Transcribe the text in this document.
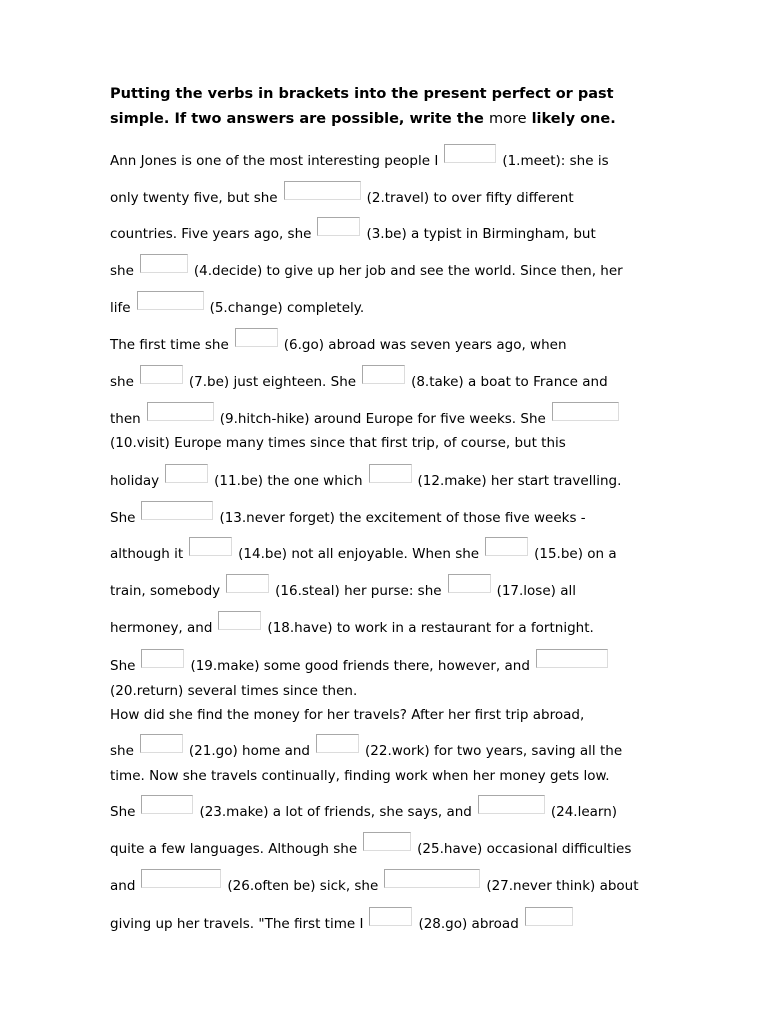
Putting the verbs in brackets into the present perfect or past simple. If two answers are possible, write the more likely one.
Ann Jones is one of the most interesting people I	(1.meet): she is
only twenty five, but she	(2.travel) to over fifty different
countries. Five years ago, she	(3.be) a typist in Birmingham, but
she	(4.decide) to give up her job and see the world. Since then, her
life	(5.change) completely.
The first time she	(6.go) abroad was seven years ago, when
she	(7.be) just eighteen. She	(8.take) a boat to France and
then	(9.hitch-hike) around Europe for five weeks. She
(10.visit) Europe many times since that first trip, of course, but this
holiday	(11.be) the one which	(12.make) her start travelling.
She	(13.never forget) the excitement of those five weeks -
although it	(14.be) not all enjoyable. When she	(15.be) on a
train, somebody	(16.steal) her purse: she	(17.lose) all
hermoney, and	(18.have) to work in a restaurant for a fortnight.
She	(19.make) some good friends there, however, and
(20.return) several times since then.
How did she find the money for her travels? After her first trip abroad,
she	(21.go) home and	(22.work) for two years, saving all the
time. Now she travels continually, finding work when her money gets low.
She	(23.make) a lot of friends, she says, and	(24.learn)
quite a few languages. Although she	(25.have) occasional difficulties
and	(26.often be) sick, she	(27.never think) about
giving up her travels. "The first time I	(28.go) abroad
